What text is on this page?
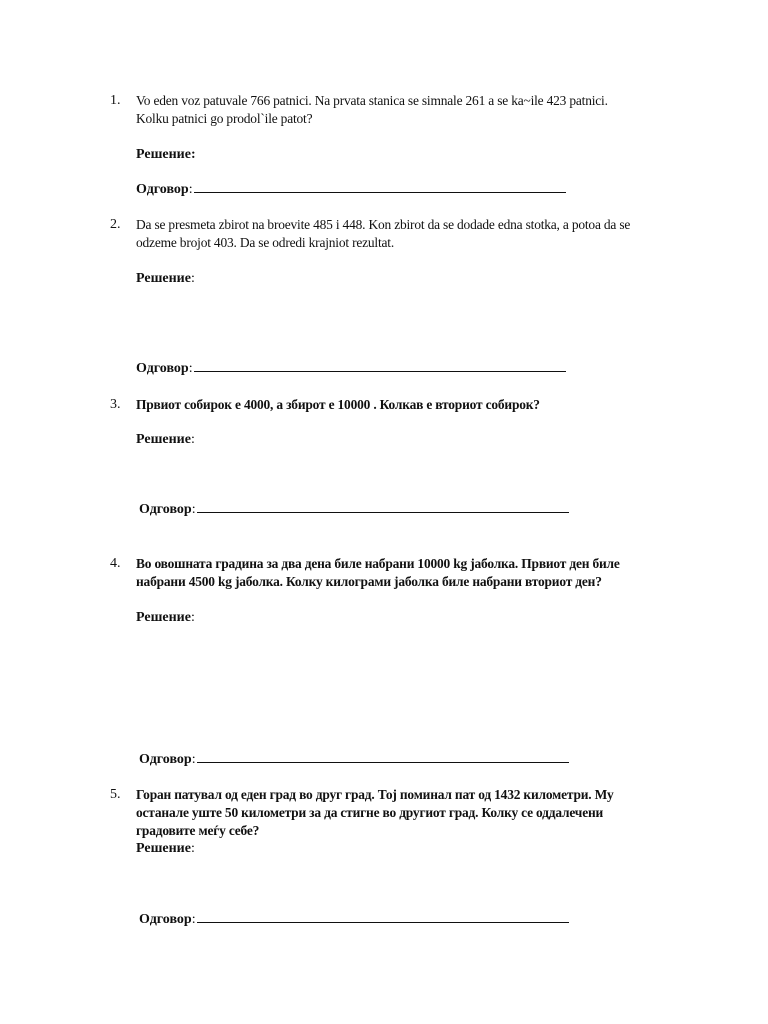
1. Vo eden voz patuvale 766 patnici. Na prvata stanica se simnale 261 a se ka~ile 423 patnici.
Kolku patnici go prodol`ile patot?
Решение:
Одговор:
2. Da se presmeta zbirot na broevite 485 i 448. Kon zbirot da se dodade edna stotka, a potoa da se
odzeme brojot 403. Da se odredi krajniot rezultat.
Решение:
Одговор:
3. Првиот собирок е 4000, а збирот е 10000 . Колкав е вториот собирок?
Решение:
Одговор:
4. Во овошната градина за два дена биле набрани 10000 kg јаболка. Првиот ден биле
набрани 4500 kg јаболка. Колку килограми јаболка биле набрани вториот ден?
Решение:
Одговор:
5. Горан патувал од еден град во друг град. Тој поминал пат од 1432 километри. Му
останале уште 50 километри за да стигне во другиот град. Колку се оддалечени
градовите меѓу себе?
Решение:
Одговор:
